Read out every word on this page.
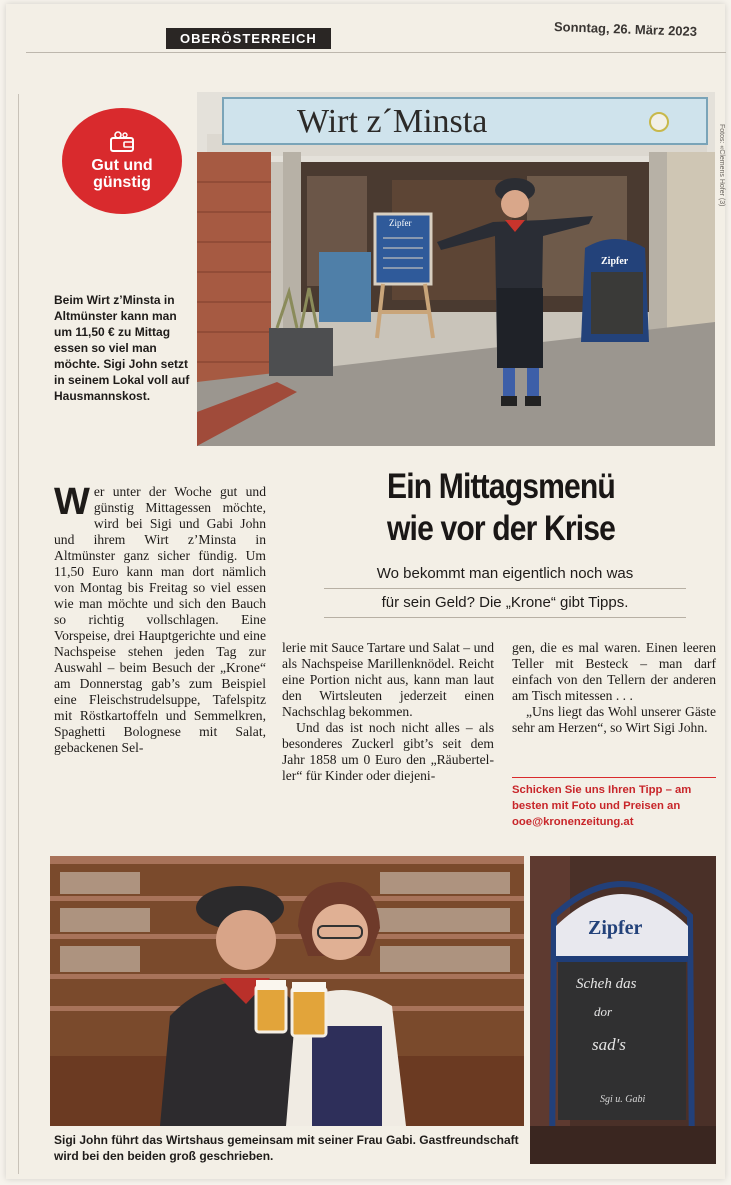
OBERÖSTERREICH	Sonntag, 26. März 2023
Gut und
günstig
Wirt z´Minsta
Zipfer
Zipfer
Fotos: «Clemens Hofer (3)
Beim Wirt z’Minsta in Altmünster kann man um 11,50 € zu Mittag essen so viel man möchte. Sigi John setzt in seinem Lokal voll auf Hausmannskost.
Ein Mittagsmenü
wie vor der Krise
Wo bekommt man eigentlich noch was
für sein Geld? Die „Krone“ gibt Tipps.

Wer unter der Woche gut und günstig Mittagessen möchte, wird bei Sigi und Gabi John und ihrem Wirt z’Minsta in Altmünster ganz sicher fündig. Um 11,50 Euro kann man dort nämlich von Montag bis Freitag so viel essen wie man möchte und sich den Bauch so richtig vollschlagen. Eine Vorspeise, drei Hauptgerichte und eine Nachspeise stehen jeden Tag zur Auswahl – beim Besuch der „Krone“ am Donnerstag gab’s zum Beispiel eine Fleischstrudelsuppe, Tafelspitz mit Röstkartoffeln und Semmelkren, Spaghetti Bolognese mit Salat, gebackenen Sel-

lerie mit Sauce Tartare und Salat – und als Nachspeise Marillenknödel. Reicht eine Portion nicht aus, kann man laut den Wirtsleuten jederzeit einen Nachschlag bekommen.

Und das ist noch nicht alles – als besonderes Zuckerl gibt’s seit dem Jahr 1858 um 0 Euro den „Räubertel-ler“ für Kinder oder diejeni-

gen, die es mal waren. Einen leeren Teller mit Besteck – man darf einfach von den Tellern der anderen am Tisch mitessen . . .

„Uns liegt das Wohl unserer Gäste sehr am Herzen“, so Wirt Sigi John.

Schicken Sie uns Ihren Tipp – am besten mit Foto und Preisen an ooe@kronenzeitung.at
Zipfer
Scheh das
dor
sad's
Sgi u. Gabi
Sigi John führt das Wirtshaus gemeinsam mit seiner Frau Gabi. Gastfreundschaft wird bei den beiden groß geschrieben.
